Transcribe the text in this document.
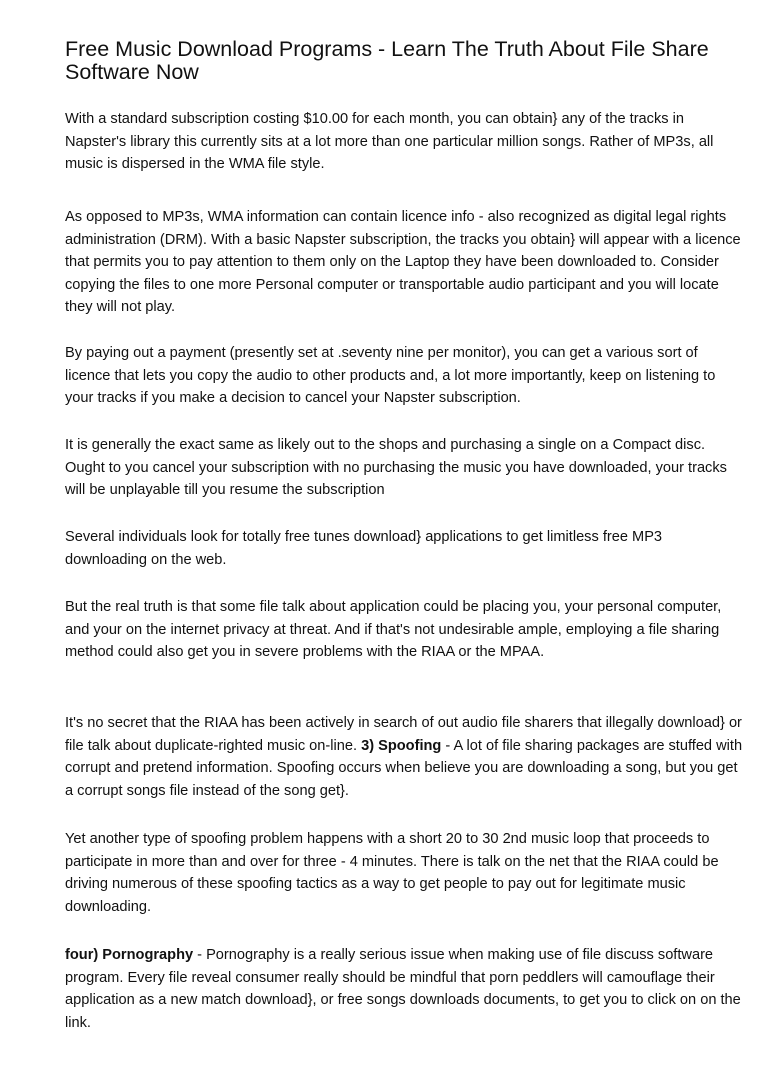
Free Music Download Programs - Learn The Truth About File Share Software Now

With a standard subscription costing $10.00 for each month, you can obtain} any of the tracks in Napster's library this currently sits at a lot more than one particular million songs. Rather of MP3s, all music is dispersed in the WMA file style.

As opposed to MP3s, WMA information can contain licence info - also recognized as digital legal rights administration (DRM). With a basic Napster subscription, the tracks you obtain} will appear with a licence that permits you to pay attention to them only on the Laptop they have been downloaded to. Consider copying the files to one more Personal computer or transportable audio participant and you will locate they will not play.

By paying out a payment (presently set at .seventy nine per monitor), you can get a various sort of licence that lets you copy the audio to other products and, a lot more importantly, keep on listening to your tracks if you make a decision to cancel your Napster subscription.

It is generally the exact same as likely out to the shops and purchasing a single on a Compact disc. Ought to you cancel your subscription with no purchasing the music you have downloaded, your tracks will be unplayable till you resume the subscription

Several individuals look for totally free tunes download} applications to get limitless free MP3 downloading on the web.

But the real truth is that some file talk about application could be placing you, your personal computer, and your on the internet privacy at threat. And if that's not undesirable ample, employing a file sharing method could also get you in severe problems with the RIAA or the MPAA.

It's no secret that the RIAA has been actively in search of out audio file sharers that illegally download} or file talk about duplicate-righted music on-line. 3) Spoofing - A lot of file sharing packages are stuffed with corrupt and pretend information. Spoofing occurs when believe you are downloading a song, but you get a corrupt songs file instead of the song get}.

Yet another type of spoofing problem happens with a short 20 to 30 2nd music loop that proceeds to participate in more than and over for three - 4 minutes. There is talk on the net that the RIAA could be driving numerous of these spoofing tactics as a way to get people to pay out for legitimate music downloading.

four) Pornography - Pornography is a really serious issue when making use of file discuss software program. Every file reveal consumer really should be mindful that porn peddlers will camouflage their application as a new match download}, or free songs downloads documents, to get you to click on on the link.
